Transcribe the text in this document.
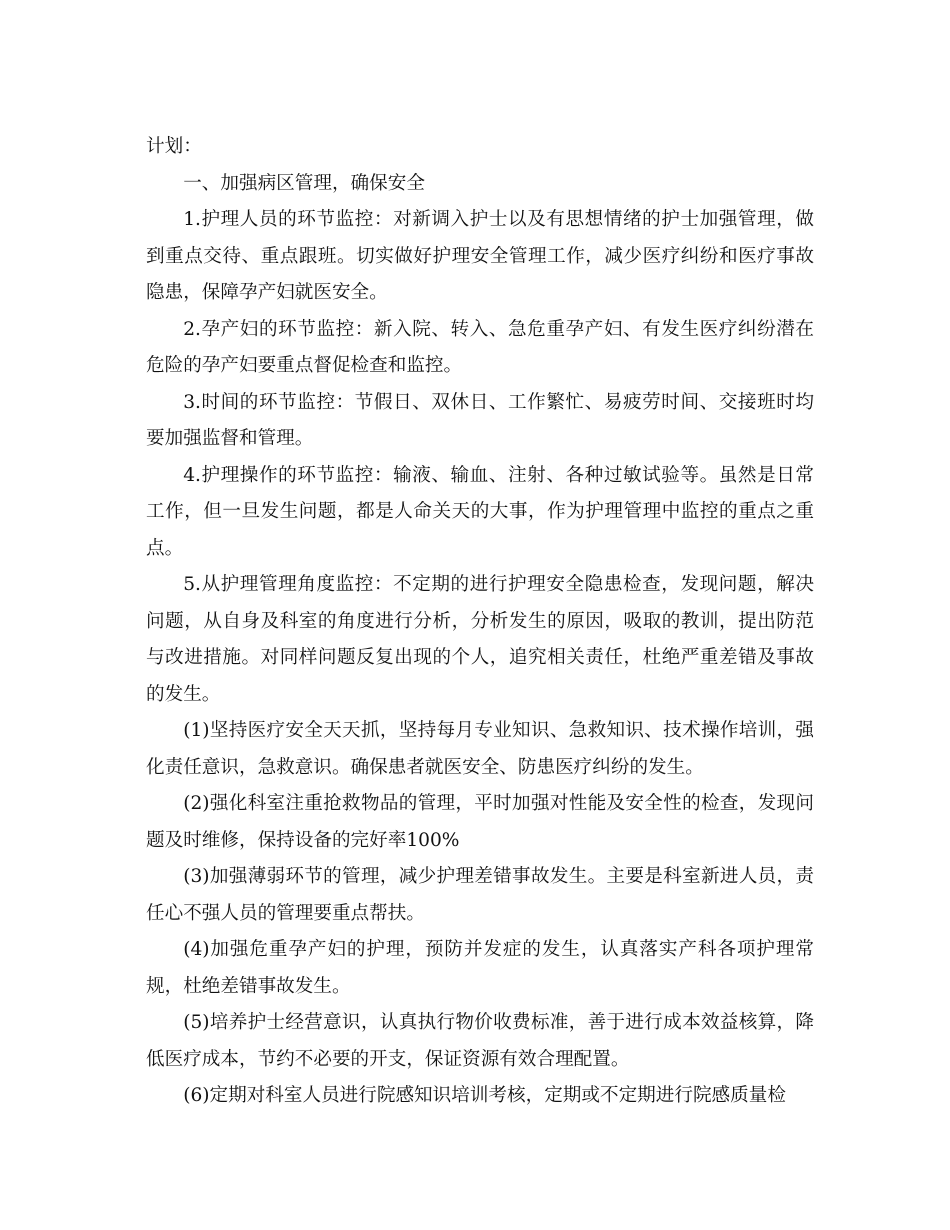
计划：

一、加强病区管理，确保安全

1.护理人员的环节监控：对新调入护士以及有思想情绪的护士加强管理，做到重点交待、重点跟班。切实做好护理安全管理工作，减少医疗纠纷和医疗事故隐患，保障孕产妇就医安全。

2.孕产妇的环节监控：新入院、转入、急危重孕产妇、有发生医疗纠纷潜在危险的孕产妇要重点督促检查和监控。

3.时间的环节监控：节假日、双休日、工作繁忙、易疲劳时间、交接班时均要加强监督和管理。

4.护理操作的环节监控：输液、输血、注射、各种过敏试验等。虽然是日常工作，但一旦发生问题，都是人命关天的大事，作为护理管理中监控的重点之重点。

5.从护理管理角度监控：不定期的进行护理安全隐患检查，发现问题，解决问题，从自身及科室的角度进行分析，分析发生的原因，吸取的教训，提出防范与改进措施。对同样问题反复出现的个人，追究相关责任，杜绝严重差错及事故的发生。

(1)坚持医疗安全天天抓，坚持每月专业知识、急救知识、技术操作培训，强化责任意识，急救意识。确保患者就医安全、防患医疗纠纷的发生。

(2)强化科室注重抢救物品的管理，平时加强对性能及安全性的检查，发现问题及时维修，保持设备的完好率100%

(3)加强薄弱环节的管理，减少护理差错事故发生。主要是科室新进人员，责任心不强人员的管理要重点帮扶。

(4)加强危重孕产妇的护理，预防并发症的发生，认真落实产科各项护理常规，杜绝差错事故发生。

(5)培养护士经营意识，认真执行物价收费标准，善于进行成本效益核算，降低医疗成本，节约不必要的开支，保证资源有效合理配置。

(6)定期对科室人员进行院感知识培训考核，定期或不定期进行院感质量检
